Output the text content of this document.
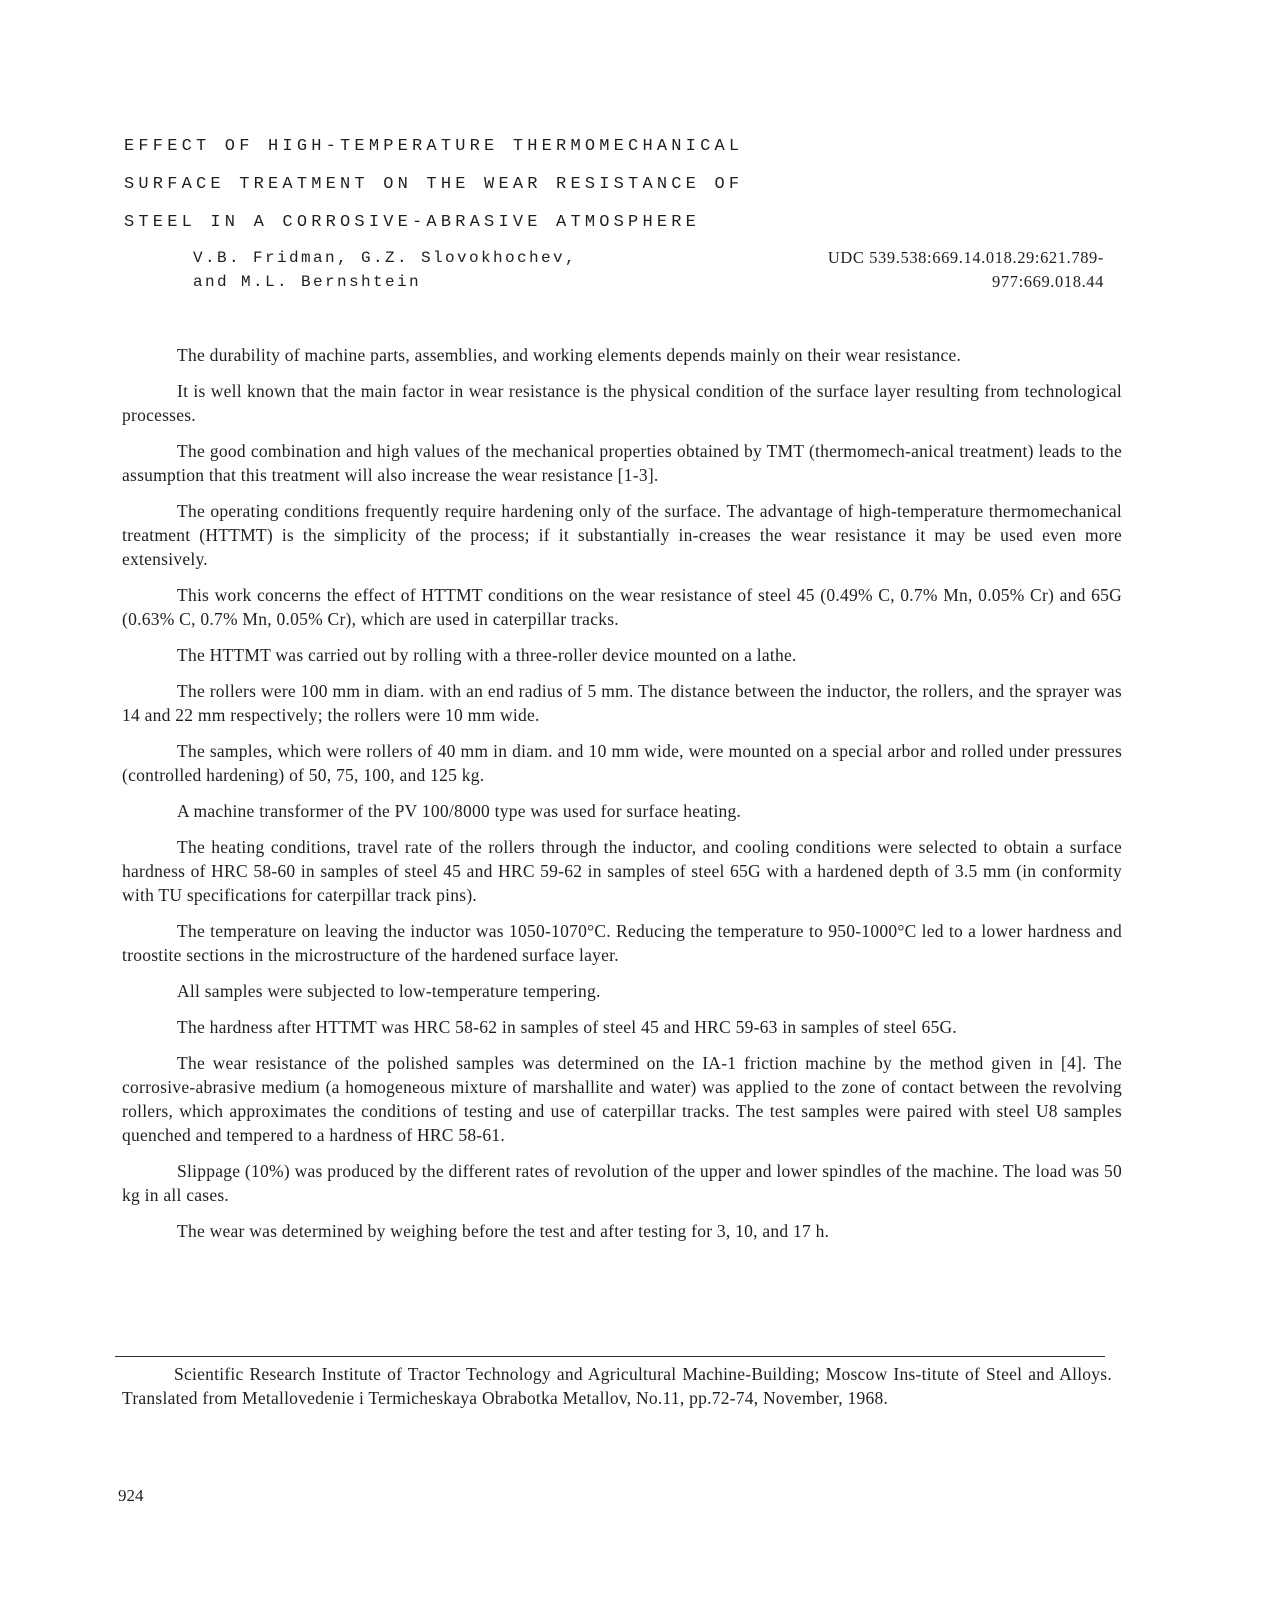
EFFECT OF HIGH-TEMPERATURE THERMOMECHANICAL
SURFACE TREATMENT ON THE WEAR RESISTANCE OF
STEEL IN A CORROSIVE-ABRASIVE ATMOSPHERE
V.B. Fridman, G.Z. Slovokhochev,
and M.L. Bernshtein
UDC 539.538:669.14.018.29:621.789-
977:669.018.44

The durability of machine parts, assemblies, and working elements depends mainly on their wear resistance.

It is well known that the main factor in wear resistance is the physical condition of the surface layer resulting from technological processes.

The good combination and high values of the mechanical properties obtained by TMT (thermomech-anical treatment) leads to the assumption that this treatment will also increase the wear resistance [1-3].

The operating conditions frequently require hardening only of the surface. The advantage of high-temperature thermomechanical treatment (HTTMT) is the simplicity of the process; if it substantially in-creases the wear resistance it may be used even more extensively.

This work concerns the effect of HTTMT conditions on the wear resistance of steel 45 (0.49% C, 0.7% Mn, 0.05% Cr) and 65G (0.63% C, 0.7% Mn, 0.05% Cr), which are used in caterpillar tracks.

The HTTMT was carried out by rolling with a three-roller device mounted on a lathe.

The rollers were 100 mm in diam. with an end radius of 5 mm. The distance between the inductor, the rollers, and the sprayer was 14 and 22 mm respectively; the rollers were 10 mm wide.

The samples, which were rollers of 40 mm in diam. and 10 mm wide, were mounted on a special arbor and rolled under pressures (controlled hardening) of 50, 75, 100, and 125 kg.

A machine transformer of the PV 100/8000 type was used for surface heating.

The heating conditions, travel rate of the rollers through the inductor, and cooling conditions were selected to obtain a surface hardness of HRC 58-60 in samples of steel 45 and HRC 59-62 in samples of steel 65G with a hardened depth of 3.5 mm (in conformity with TU specifications for caterpillar track pins).

The temperature on leaving the inductor was 1050-1070°C. Reducing the temperature to 950-1000°C led to a lower hardness and troostite sections in the microstructure of the hardened surface layer.

All samples were subjected to low-temperature tempering.

The hardness after HTTMT was HRC 58-62 in samples of steel 45 and HRC 59-63 in samples of steel 65G.

The wear resistance of the polished samples was determined on the IA-1 friction machine by the method given in [4]. The corrosive-abrasive medium (a homogeneous mixture of marshallite and water) was applied to the zone of contact between the revolving rollers, which approximates the conditions of testing and use of caterpillar tracks. The test samples were paired with steel U8 samples quenched and tempered to a hardness of HRC 58-61.

Slippage (10%) was produced by the different rates of revolution of the upper and lower spindles of the machine. The load was 50 kg in all cases.

The wear was determined by weighing before the test and after testing for 3, 10, and 17 h.

Scientific Research Institute of Tractor Technology and Agricultural Machine-Building; Moscow Ins-titute of Steel and Alloys. Translated from Metallovedenie i Termicheskaya Obrabotka Metallov, No.11, pp.72-74, November, 1968.

924
